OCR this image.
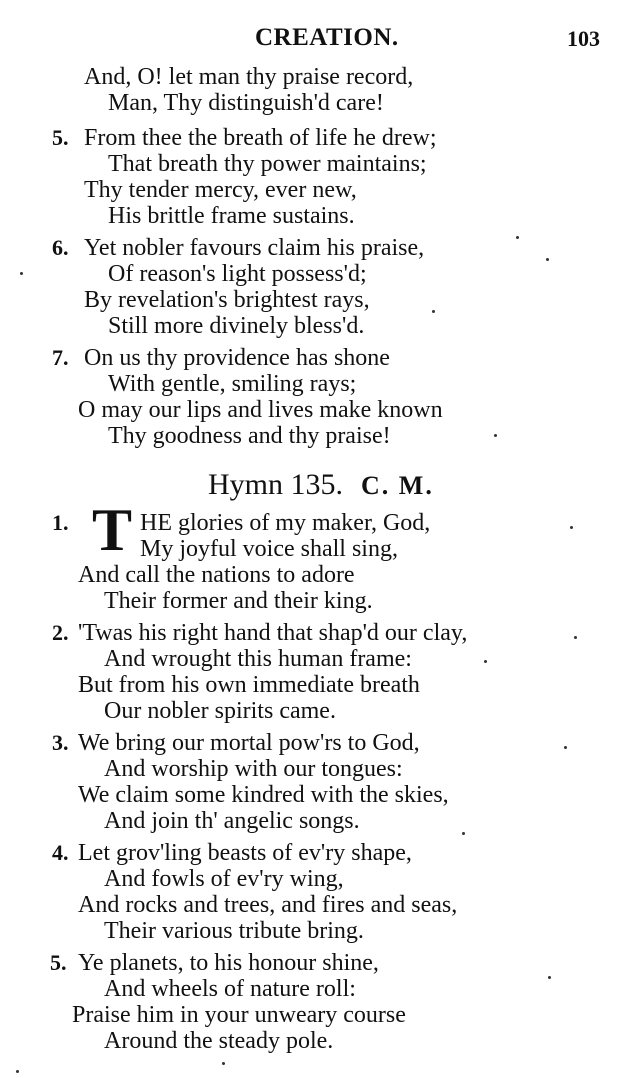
CREATION.	103
And, O! let man thy praise record,
Man, Thy distinguish'd care!
5. From thee the breath of life he drew;
That breath thy power maintains;
Thy tender mercy, ever new,
His brittle frame sustains.
6. Yet nobler favours claim his praise,
Of reason's light possess'd;
By revelation's brightest rays,
Still more divinely bless'd.
7. On us thy providence has shone
With gentle, smiling rays;
O may our lips and lives make known
Thy goodness and thy praise!
Hymn 135. C. M.
1. T HE glories of my maker, God,
My joyful voice shall sing,
And call the nations to adore
Their former and their king.
2. 'Twas his right hand that shap'd our clay,
And wrought this human frame:
But from his own immediate breath
Our nobler spirits came.
3. We bring our mortal pow'rs to God,
And worship with our tongues:
We claim some kindred with the skies,
And join th' angelic songs.
4. Let grov'ling beasts of ev'ry shape,
And fowls of ev'ry wing,
And rocks and trees, and fires and seas,
Their various tribute bring.
5. Ye planets, to his honour shine,
And wheels of nature roll:
Praise him in your unweary course
Around the steady pole.
